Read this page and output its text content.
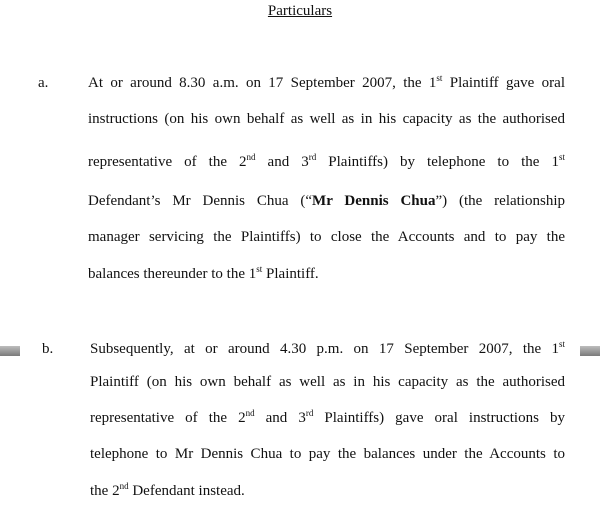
Particulars
a.	At or around 8.30 a.m. on 17 September 2007, the 1st Plaintiff gave oral
instructions (on his own behalf as well as in his capacity as the authorised
representative of the 2nd and 3rd Plaintiffs) by telephone to the 1st
Defendant’s Mr Dennis Chua (“Mr Dennis Chua”) (the relationship
manager servicing the Plaintiffs) to close the Accounts and to pay the
balances thereunder to the 1st Plaintiff.
b. Subsequently, at or around 4.30 p.m. on 17 September 2007, the 1st
Plaintiff (on his own behalf as well as in his capacity as the authorised
representative of the 2nd and 3rd Plaintiffs) gave oral instructions by
telephone to Mr Dennis Chua to pay the balances under the Accounts to
the 2nd Defendant instead.
